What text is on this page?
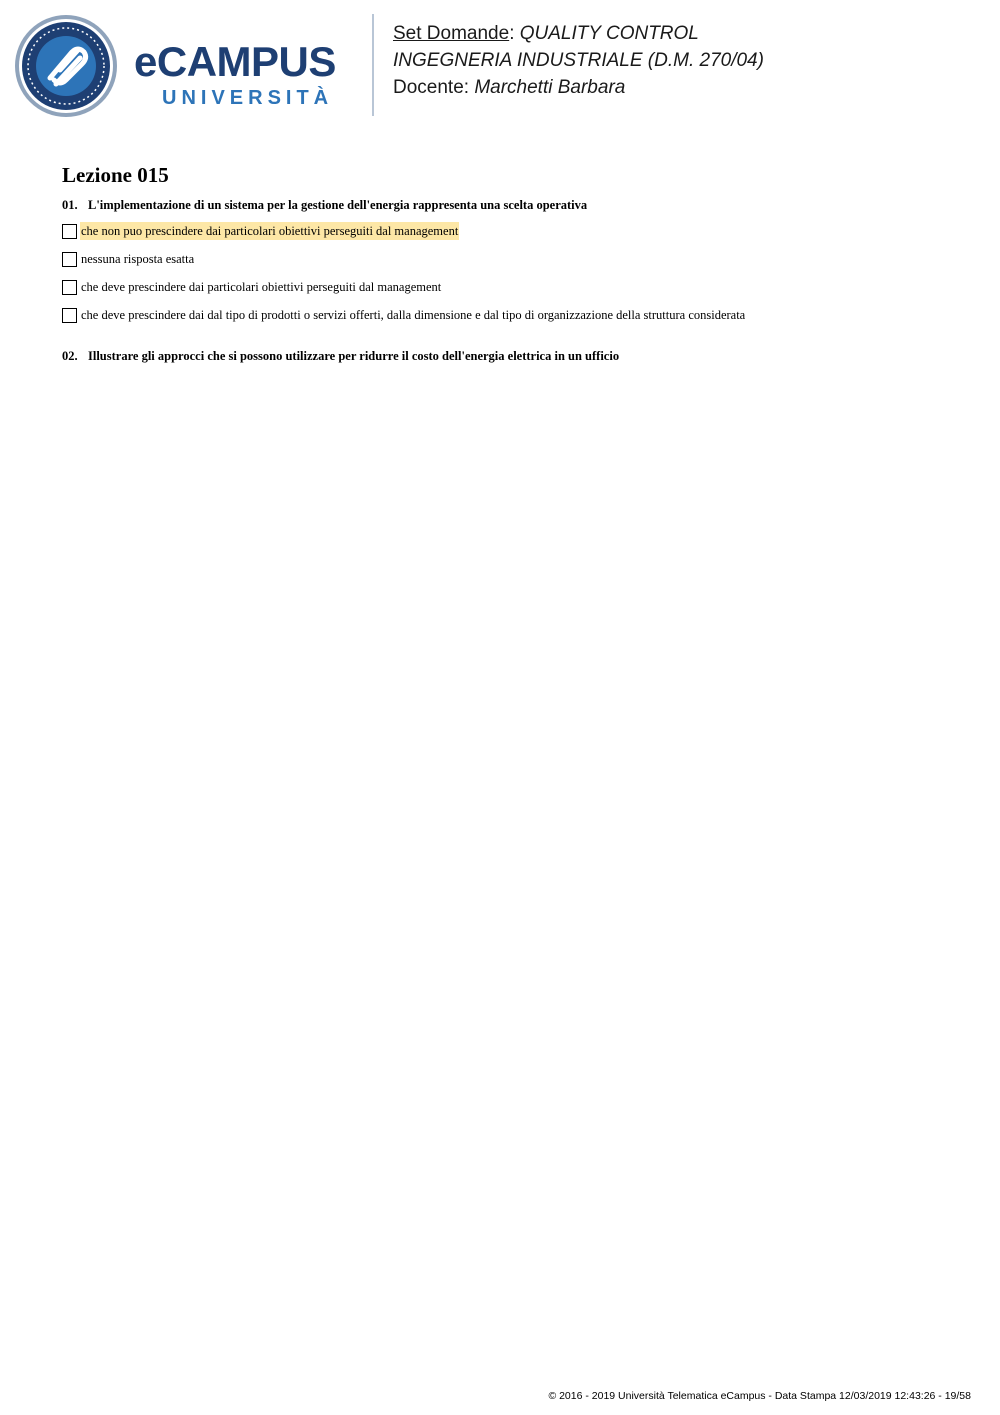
eCAMPUS
UNIVERSITÀ
Set Domande: QUALITY CONTROL
INGEGNERIA INDUSTRIALE (D.M. 270/04)
Docente: Marchetti Barbara
Lezione 015
01. L'implementazione di un sistema per la gestione dell'energia rappresenta una scelta operativa
che non puo prescindere dai particolari obiettivi perseguiti dal management
nessuna risposta esatta
che deve prescindere dai particolari obiettivi perseguiti dal management
che deve prescindere dai dal tipo di prodotti o servizi offerti, dalla dimensione e dal tipo di organizzazione della struttura considerata
02. Illustrare gli approcci che si possono utilizzare per ridurre il costo dell'energia elettrica in un ufficio
© 2016 - 2019 Università Telematica eCampus - Data Stampa 12/03/2019 12:43:26 - 19/58
